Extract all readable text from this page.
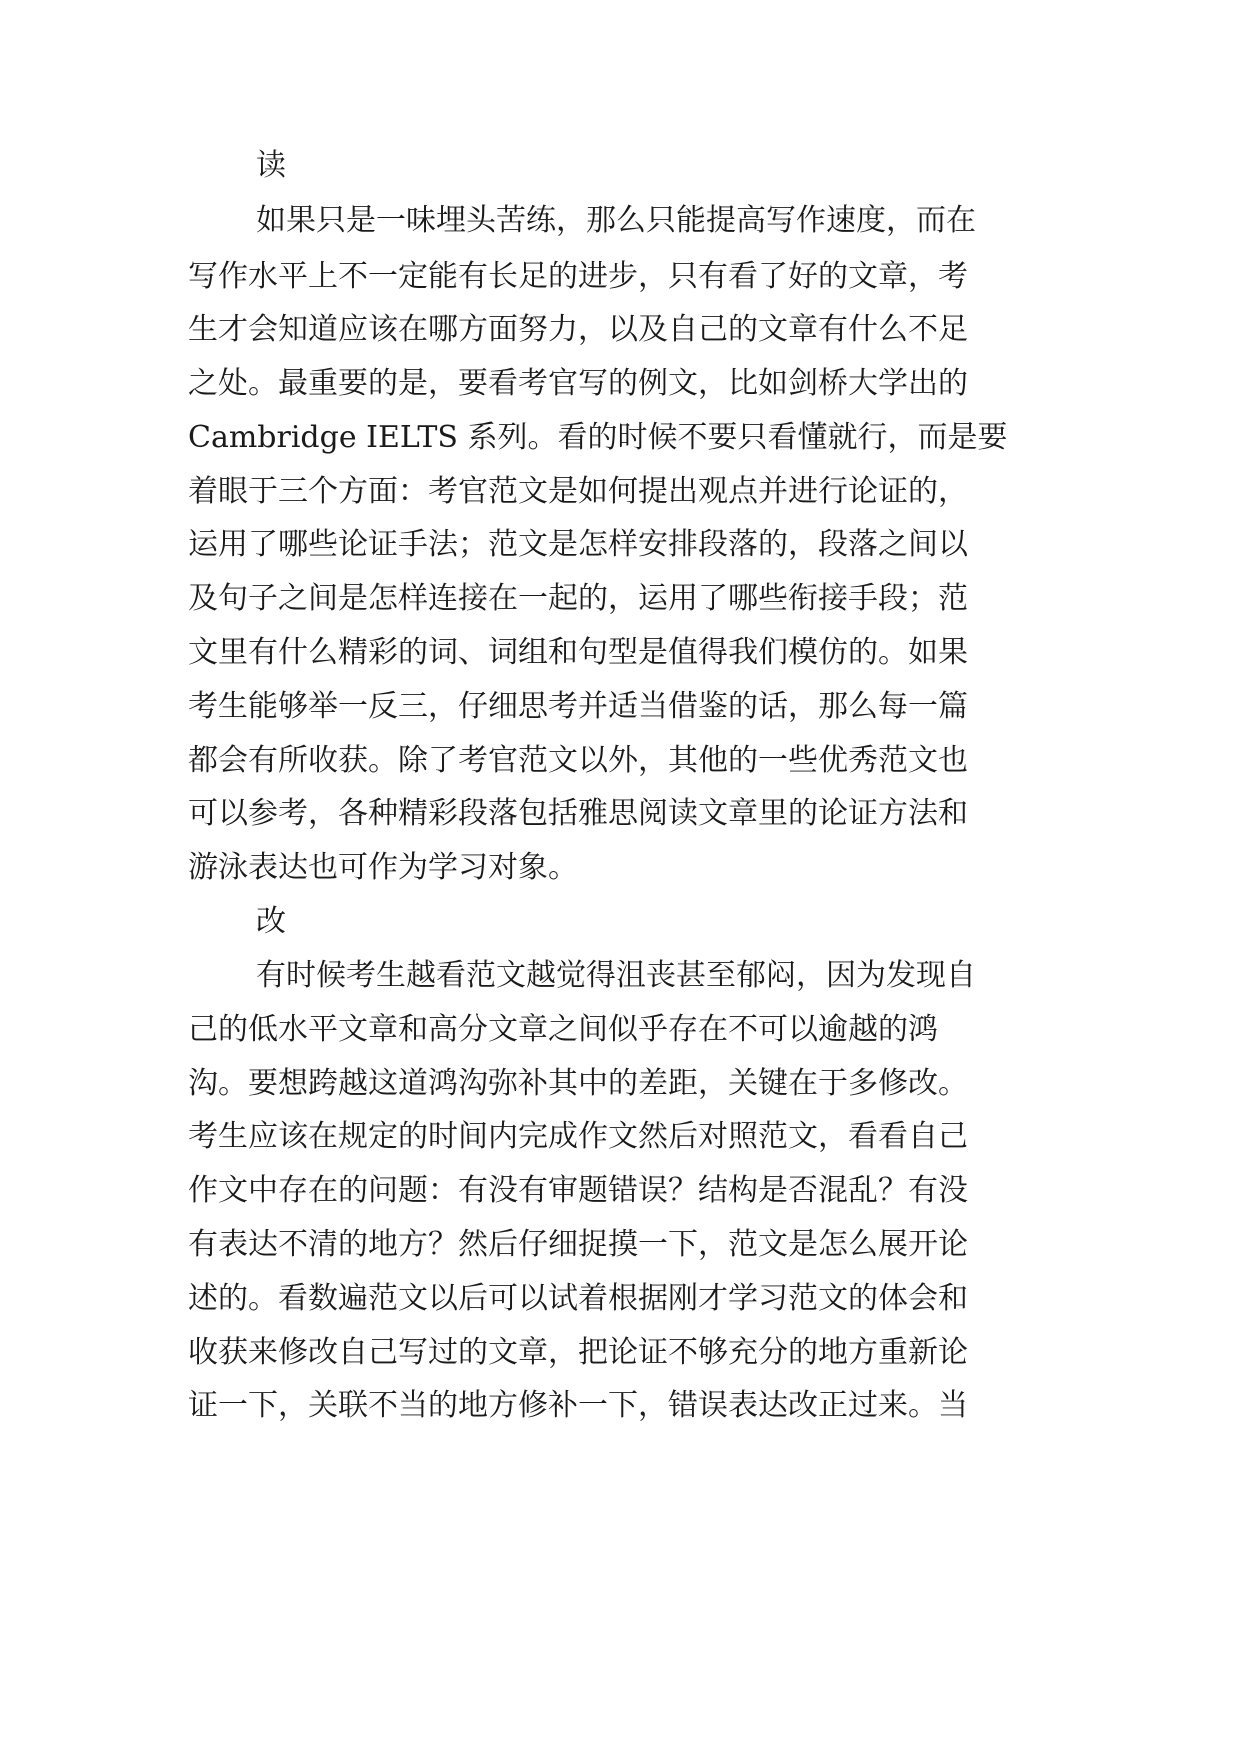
读
如果只是一味埋头苦练，那么只能提高写作速度，而在
写作水平上不一定能有长足的进步，只有看了好的文章，考
生才会知道应该在哪方面努力，以及自己的文章有什么不足
之处。最重要的是，要看考官写的例文，比如剑桥大学出的
Cambridge IELTS 系列。看的时候不要只看懂就行，而是要
着眼于三个方面：考官范文是如何提出观点并进行论证的，
运用了哪些论证手法；范文是怎样安排段落的，段落之间以
及句子之间是怎样连接在一起的，运用了哪些衔接手段；范
文里有什么精彩的词、词组和句型是值得我们模仿的。如果
考生能够举一反三，仔细思考并适当借鉴的话，那么每一篇
都会有所收获。除了考官范文以外，其他的一些优秀范文也
可以参考，各种精彩段落包括雅思阅读文章里的论证方法和
游泳表达也可作为学习对象。
改
有时候考生越看范文越觉得沮丧甚至郁闷，因为发现自
己的低水平文章和高分文章之间似乎存在不可以逾越的鸿
沟。要想跨越这道鸿沟弥补其中的差距，关键在于多修改。
考生应该在规定的时间内完成作文然后对照范文，看看自己
作文中存在的问题：有没有审题错误？结构是否混乱？有没
有表达不清的地方？然后仔细捉摸一下，范文是怎么展开论
述的。看数遍范文以后可以试着根据刚才学习范文的体会和
收获来修改自己写过的文章，把论证不够充分的地方重新论
证一下，关联不当的地方修补一下，错误表达改正过来。当
